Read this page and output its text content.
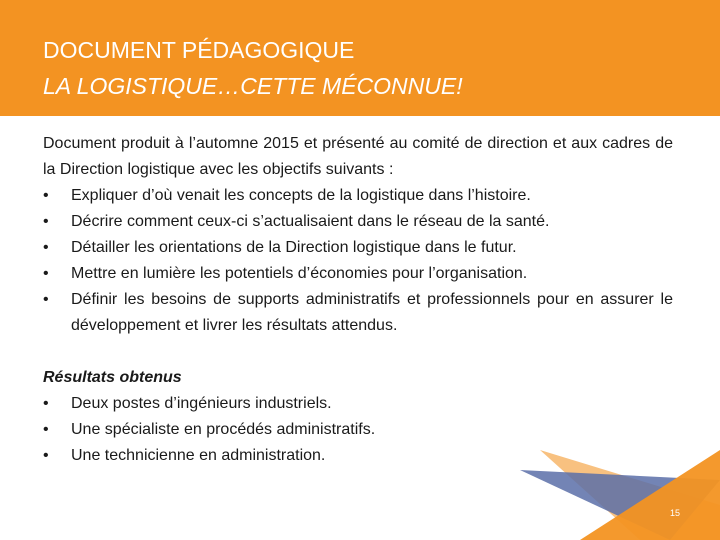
DOCUMENT PÉDAGOGIQUE
LA LOGISTIQUE…CETTE MÉCONNUE!

Document produit à l’automne 2015 et présenté au comité de direction et aux cadres de la Direction logistique avec les objectifs suivants :

• Expliquer d’où venait les concepts de la logistique dans l’histoire.
• Décrire comment ceux-ci s’actualisaient dans le réseau de la santé.
• Détailler les orientations de la Direction logistique dans le futur.
• Mettre en lumière les potentiels d’économies pour l’organisation.
• Définir les besoins de supports administratifs et professionnels pour en assurer le développement et livrer les résultats attendus.
Résultats obtenus
• Deux postes d’ingénieurs industriels.
• Une spécialiste en procédés administratifs.
• Une technicienne en administration.
15
